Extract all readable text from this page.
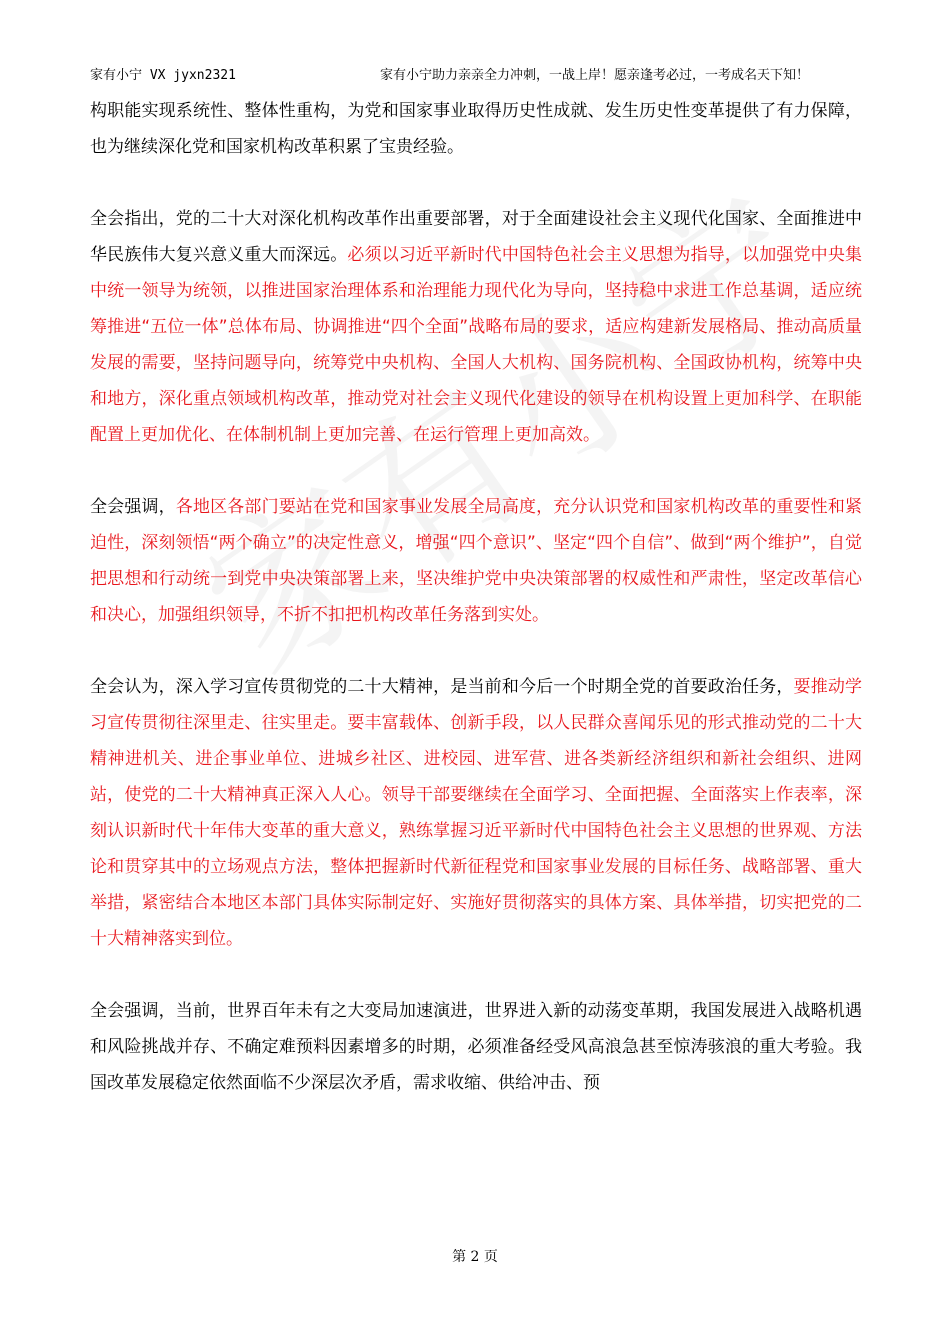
家有小宁 VX jyxn2321	家有小宁助力亲亲全力冲刺，一战上岸！愿亲逢考必过，一考成名天下知！

构职能实现系统性、整体性重构，为党和国家事业取得历史性成就、发生历史性变革提供了有力保障，也为继续深化党和国家机构改革积累了宝贵经验。

全会指出，党的二十大对深化机构改革作出重要部署，对于全面建设社会主义现代化国家、全面推进中华民族伟大复兴意义重大而深远。必须以习近平新时代中国特色社会主义思想为指导，以加强党中央集中统一领导为统领，以推进国家治理体系和治理能力现代化为导向，坚持稳中求进工作总基调，适应统筹推进“五位一体”总体布局、协调推进“四个全面”战略布局的要求，适应构建新发展格局、推动高质量发展的需要，坚持问题导向，统筹党中央机构、全国人大机构、国务院机构、全国政协机构，统筹中央和地方，深化重点领域机构改革，推动党对社会主义现代化建设的领导在机构设置上更加科学、在职能配置上更加优化、在体制机制上更加完善、在运行管理上更加高效。

全会强调，各地区各部门要站在党和国家事业发展全局高度，充分认识党和国家机构改革的重要性和紧迫性，深刻领悟“两个确立”的决定性意义，增强“四个意识”、坚定“四个自信”、做到“两个维护”，自觉把思想和行动统一到党中央决策部署上来，坚决维护党中央决策部署的权威性和严肃性，坚定改革信心和决心，加强组织领导，不折不扣把机构改革任务落到实处。

全会认为，深入学习宣传贯彻党的二十大精神，是当前和今后一个时期全党的首要政治任务，要推动学习宣传贯彻往深里走、往实里走。要丰富载体、创新手段，以人民群众喜闻乐见的形式推动党的二十大精神进机关、进企事业单位、进城乡社区、进校园、进军营、进各类新经济组织和新社会组织、进网站，使党的二十大精神真正深入人心。领导干部要继续在全面学习、全面把握、全面落实上作表率，深刻认识新时代十年伟大变革的重大意义，熟练掌握习近平新时代中国特色社会主义思想的世界观、方法论和贯穿其中的立场观点方法，整体把握新时代新征程党和国家事业发展的目标任务、战略部署、重大举措，紧密结合本地区本部门具体实际制定好、实施好贯彻落实的具体方案、具体举措，切实把党的二十大精神落实到位。

全会强调，当前，世界百年未有之大变局加速演进，世界进入新的动荡变革期，我国发展进入战略机遇和风险挑战并存、不确定难预料因素增多的时期，必须准备经受风高浪急甚至惊涛骇浪的重大考验。我国改革发展稳定依然面临不少深层次矛盾，需求收缩、供给冲击、预

第 2 页
